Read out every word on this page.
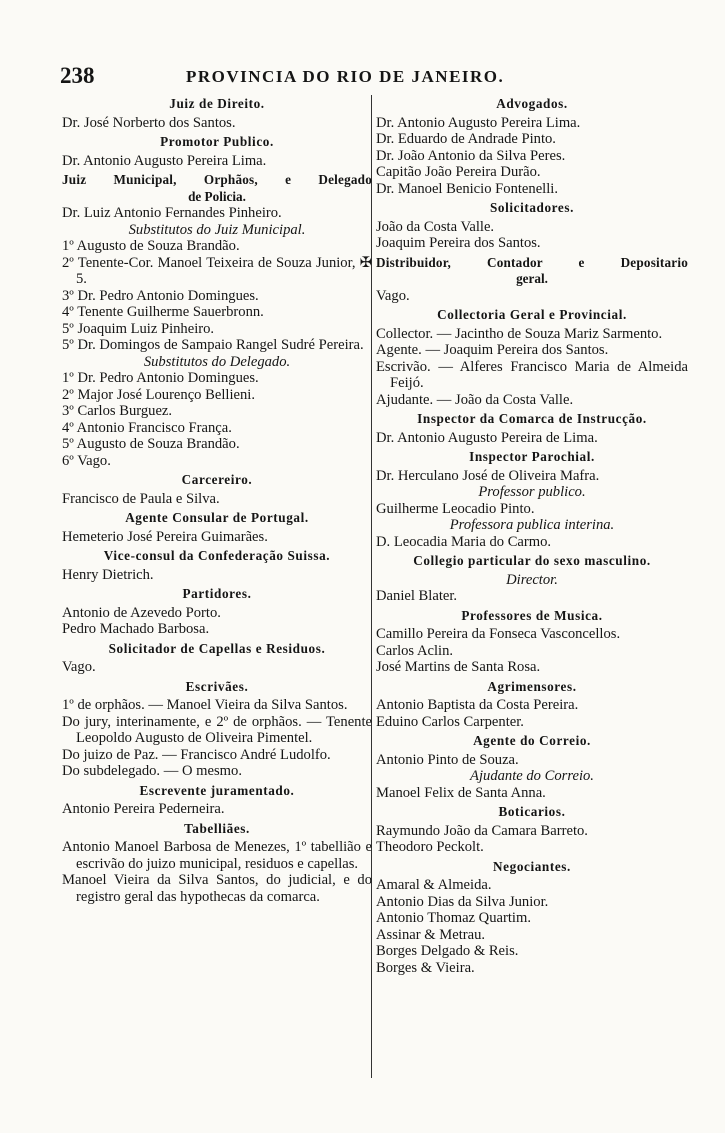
238	PROVINCIA DO RIO DE JANEIRO.
Juiz de Direito.
Dr. José Norberto dos Santos.
Promotor Publico.
Dr. Antonio Augusto Pereira Lima.
Juiz Municipal, Orphãos, e Delegado
de Policia.
Dr. Luiz Antonio Fernandes Pinheiro.
Substitutos do Juiz Municipal.
1º Augusto de Souza Brandão.
2º Tenente-Cor. Manoel Teixeira de Souza Junior, ✠ 5.
3º Dr. Pedro Antonio Domingues.
4º Tenente Guilherme Sauerbronn.
5º Joaquim Luiz Pinheiro.
5º Dr. Domingos de Sampaio Rangel Sudré Pereira.
Substitutos do Delegado.
1º Dr. Pedro Antonio Domingues.
2º Major José Lourenço Bellieni.
3º Carlos Burguez.
4º Antonio Francisco França.
5º Augusto de Souza Brandão.
6º Vago.
Carcereiro.
Francisco de Paula e Silva.
Agente Consular de Portugal.
Hemeterio José Pereira Guimarães.
Vice-consul da Confederação Suissa.
Henry Dietrich.
Partidores.
Antonio de Azevedo Porto.
Pedro Machado Barbosa.
Solicitador de Capellas e Residuos.
Vago.
Escrivães.
1º de orphãos. — Manoel Vieira da Silva Santos.
Do jury, interinamente, e 2º de orphãos. — Tenente Leopoldo Augusto de Oliveira Pimentel.
Do juizo de Paz. — Francisco André Ludolfo.
Do subdelegado. — O mesmo.
Escrevente juramentado.
Antonio Pereira Pederneira.
Tabelliães.
Antonio Manoel Barbosa de Menezes, 1º tabellião e escrivão do juizo municipal, residuos e capellas.
Manoel Vieira da Silva Santos, do judicial, e do registro geral das hypothecas da comarca.
Advogados.
Dr. Antonio Augusto Pereira Lima.
Dr. Eduardo de Andrade Pinto.
Dr. João Antonio da Silva Peres.
Capitão João Pereira Durão.
Dr. Manoel Benicio Fontenelli.
Solicitadores.
João da Costa Valle.
Joaquim Pereira dos Santos.
Distribuidor, Contador e Depositario
geral.
Vago.
Collectoria Geral e Provincial.
Collector. — Jacintho de Souza Mariz Sarmento.
Agente. — Joaquim Pereira dos Santos.
Escrivão. — Alferes Francisco Maria de Almeida Feijó.
Ajudante. — João da Costa Valle.
Inspector da Comarca de Instrucção.
Dr. Antonio Augusto Pereira de Lima.
Inspector Parochial.
Dr. Herculano José de Oliveira Mafra.
Professor publico.
Guilherme Leocadio Pinto.
Professora publica interina.
D. Leocadia Maria do Carmo.
Collegio particular do sexo masculino.
Director.
Daniel Blater.
Professores de Musica.
Camillo Pereira da Fonseca Vasconcellos.
Carlos Aclin.
José Martins de Santa Rosa.
Agrimensores.
Antonio Baptista da Costa Pereira.
Eduino Carlos Carpenter.
Agente do Correio.
Antonio Pinto de Souza.
Ajudante do Correio.
Manoel Felix de Santa Anna.
Boticarios.
Raymundo João da Camara Barreto.
Theodoro Peckolt.
Negociantes.
Amaral & Almeida.
Antonio Dias da Silva Junior.
Antonio Thomaz Quartim.
Assinar & Metrau.
Borges Delgado & Reis.
Borges & Vieira.
